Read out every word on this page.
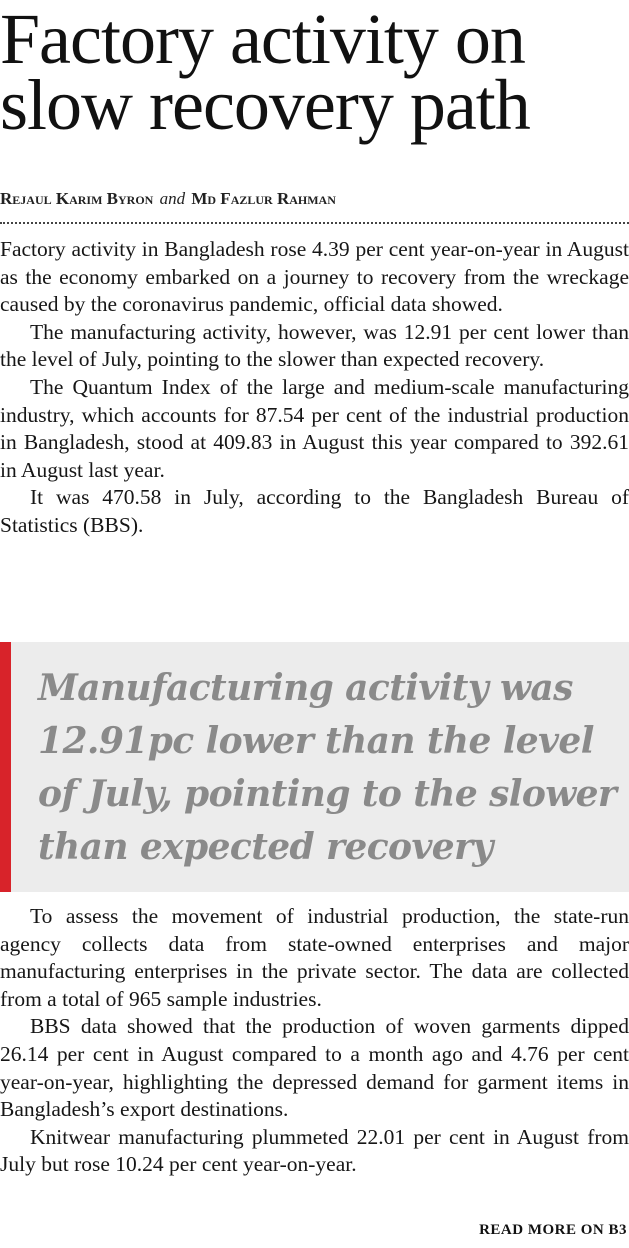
Factory activity on slow recovery path
Rejaul Karim Byron and Md Fazlur Rahman

Factory activity in Bangladesh rose 4.39 per cent year-on-year in August as the economy embarked on a journey to recovery from the wreckage caused by the coronavirus pandemic, official data showed.

The manufacturing activity, however, was 12.91 per cent lower than the level of July, pointing to the slower than expected recovery.

The Quantum Index of the large and medium-scale manufacturing industry, which accounts for 87.54 per cent of the industrial production in Bangladesh, stood at 409.83 in August this year compared to 392.61 in August last year.

It was 470.58 in July, according to the Bangladesh Bureau of Statistics (BBS).

Manufacturing activity was 12.91pc lower than the level of July, pointing to the slower than expected recovery

To assess the movement of industrial production, the state-run agency collects data from state-owned enterprises and major manufacturing enterprises in the private sector. The data are collected from a total of 965 sample industries.

BBS data showed that the production of woven garments dipped 26.14 per cent in August compared to a month ago and 4.76 per cent year-on-year, highlighting the depressed demand for garment items in Bangladesh’s export destinations.

Knitwear manufacturing plummeted 22.01 per cent in August from July but rose 10.24 per cent year-on-year.

READ MORE ON B3
